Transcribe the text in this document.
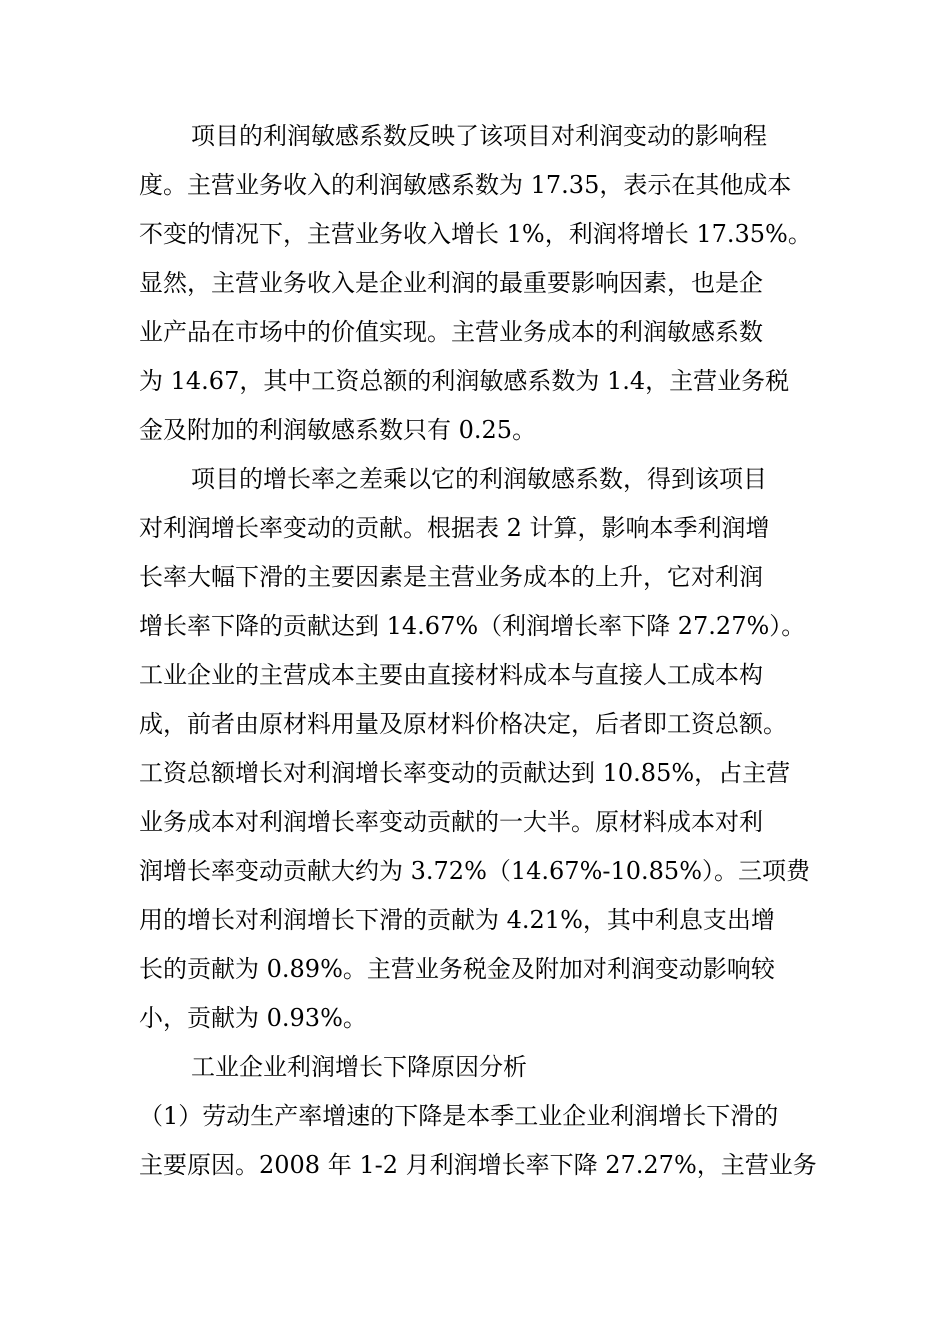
项目的利润敏感系数反映了该项目对利润变动的影响程
度。主营业务收入的利润敏感系数为 17.35，表示在其他成本
不变的情况下，主营业务收入增长 1%，利润将增长 17.35%。
显然，主营业务收入是企业利润的最重要影响因素，也是企
业产品在市场中的价值实现。主营业务成本的利润敏感系数
为 14.67，其中工资总额的利润敏感系数为 1.4，主营业务税
金及附加的利润敏感系数只有 0.25。
项目的增长率之差乘以它的利润敏感系数，得到该项目
对利润增长率变动的贡献。根据表 2 计算，影响本季利润增
长率大幅下滑的主要因素是主营业务成本的上升，它对利润
增长率下降的贡献达到 14.67%（利润增长率下降 27.27%）。
工业企业的主营成本主要由直接材料成本与直接人工成本构
成，前者由原材料用量及原材料价格决定，后者即工资总额。
工资总额增长对利润增长率变动的贡献达到 10.85%，占主营
业务成本对利润增长率变动贡献的一大半。原材料成本对利
润增长率变动贡献大约为 3.72%（14.67%-10.85%）。三项费
用的增长对利润增长下滑的贡献为 4.21%，其中利息支出增
长的贡献为 0.89%。主营业务税金及附加对利润变动影响较
小，贡献为 0.93%。
工业企业利润增长下降原因分析
（1）劳动生产率增速的下降是本季工业企业利润增长下滑的
主要原因。2008 年 1-2 月利润增长率下降 27.27%，主营业务
